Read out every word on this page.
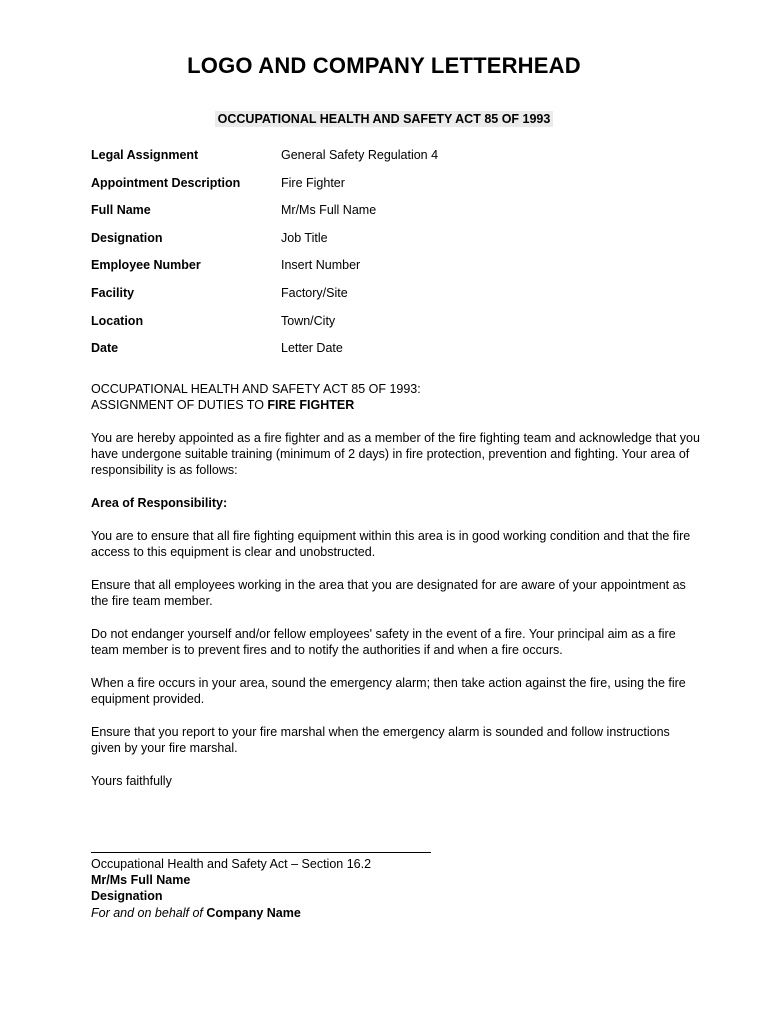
LOGO AND COMPANY LETTERHEAD
OCCUPATIONAL HEALTH AND SAFETY ACT 85 OF 1993
Legal Assignment	General Safety Regulation 4
Appointment Description	Fire Fighter
Full Name	Mr/Ms Full Name
Designation	Job Title
Employee Number	Insert Number
Facility	Factory/Site
Location	Town/City
Date	Letter Date
OCCUPATIONAL HEALTH AND SAFETY ACT 85 OF 1993:
ASSIGNMENT OF DUTIES TO FIRE FIGHTER
You are hereby appointed as a fire fighter and as a member of the fire fighting team and acknowledge that you have undergone suitable training (minimum of 2 days) in fire protection, prevention and fighting. Your area of responsibility is as follows:
Area of Responsibility:
You are to ensure that all fire fighting equipment within this area is in good working condition and that the fire access to this equipment is clear and unobstructed.
Ensure that all employees working in the area that you are designated for are aware of your appointment as the fire team member.
Do not endanger yourself and/or fellow employees' safety in the event of a fire. Your principal aim as a fire team member is to prevent fires and to notify the authorities if and when a fire occurs.
When a fire occurs in your area, sound the emergency alarm; then take action against the fire, using the fire equipment provided.
Ensure that you report to your fire marshal when the emergency alarm is sounded and follow instructions given by your fire marshal.
Yours faithfully
Occupational Health and Safety Act – Section 16.2
Mr/Ms Full Name
Designation
For and on behalf of Company Name
